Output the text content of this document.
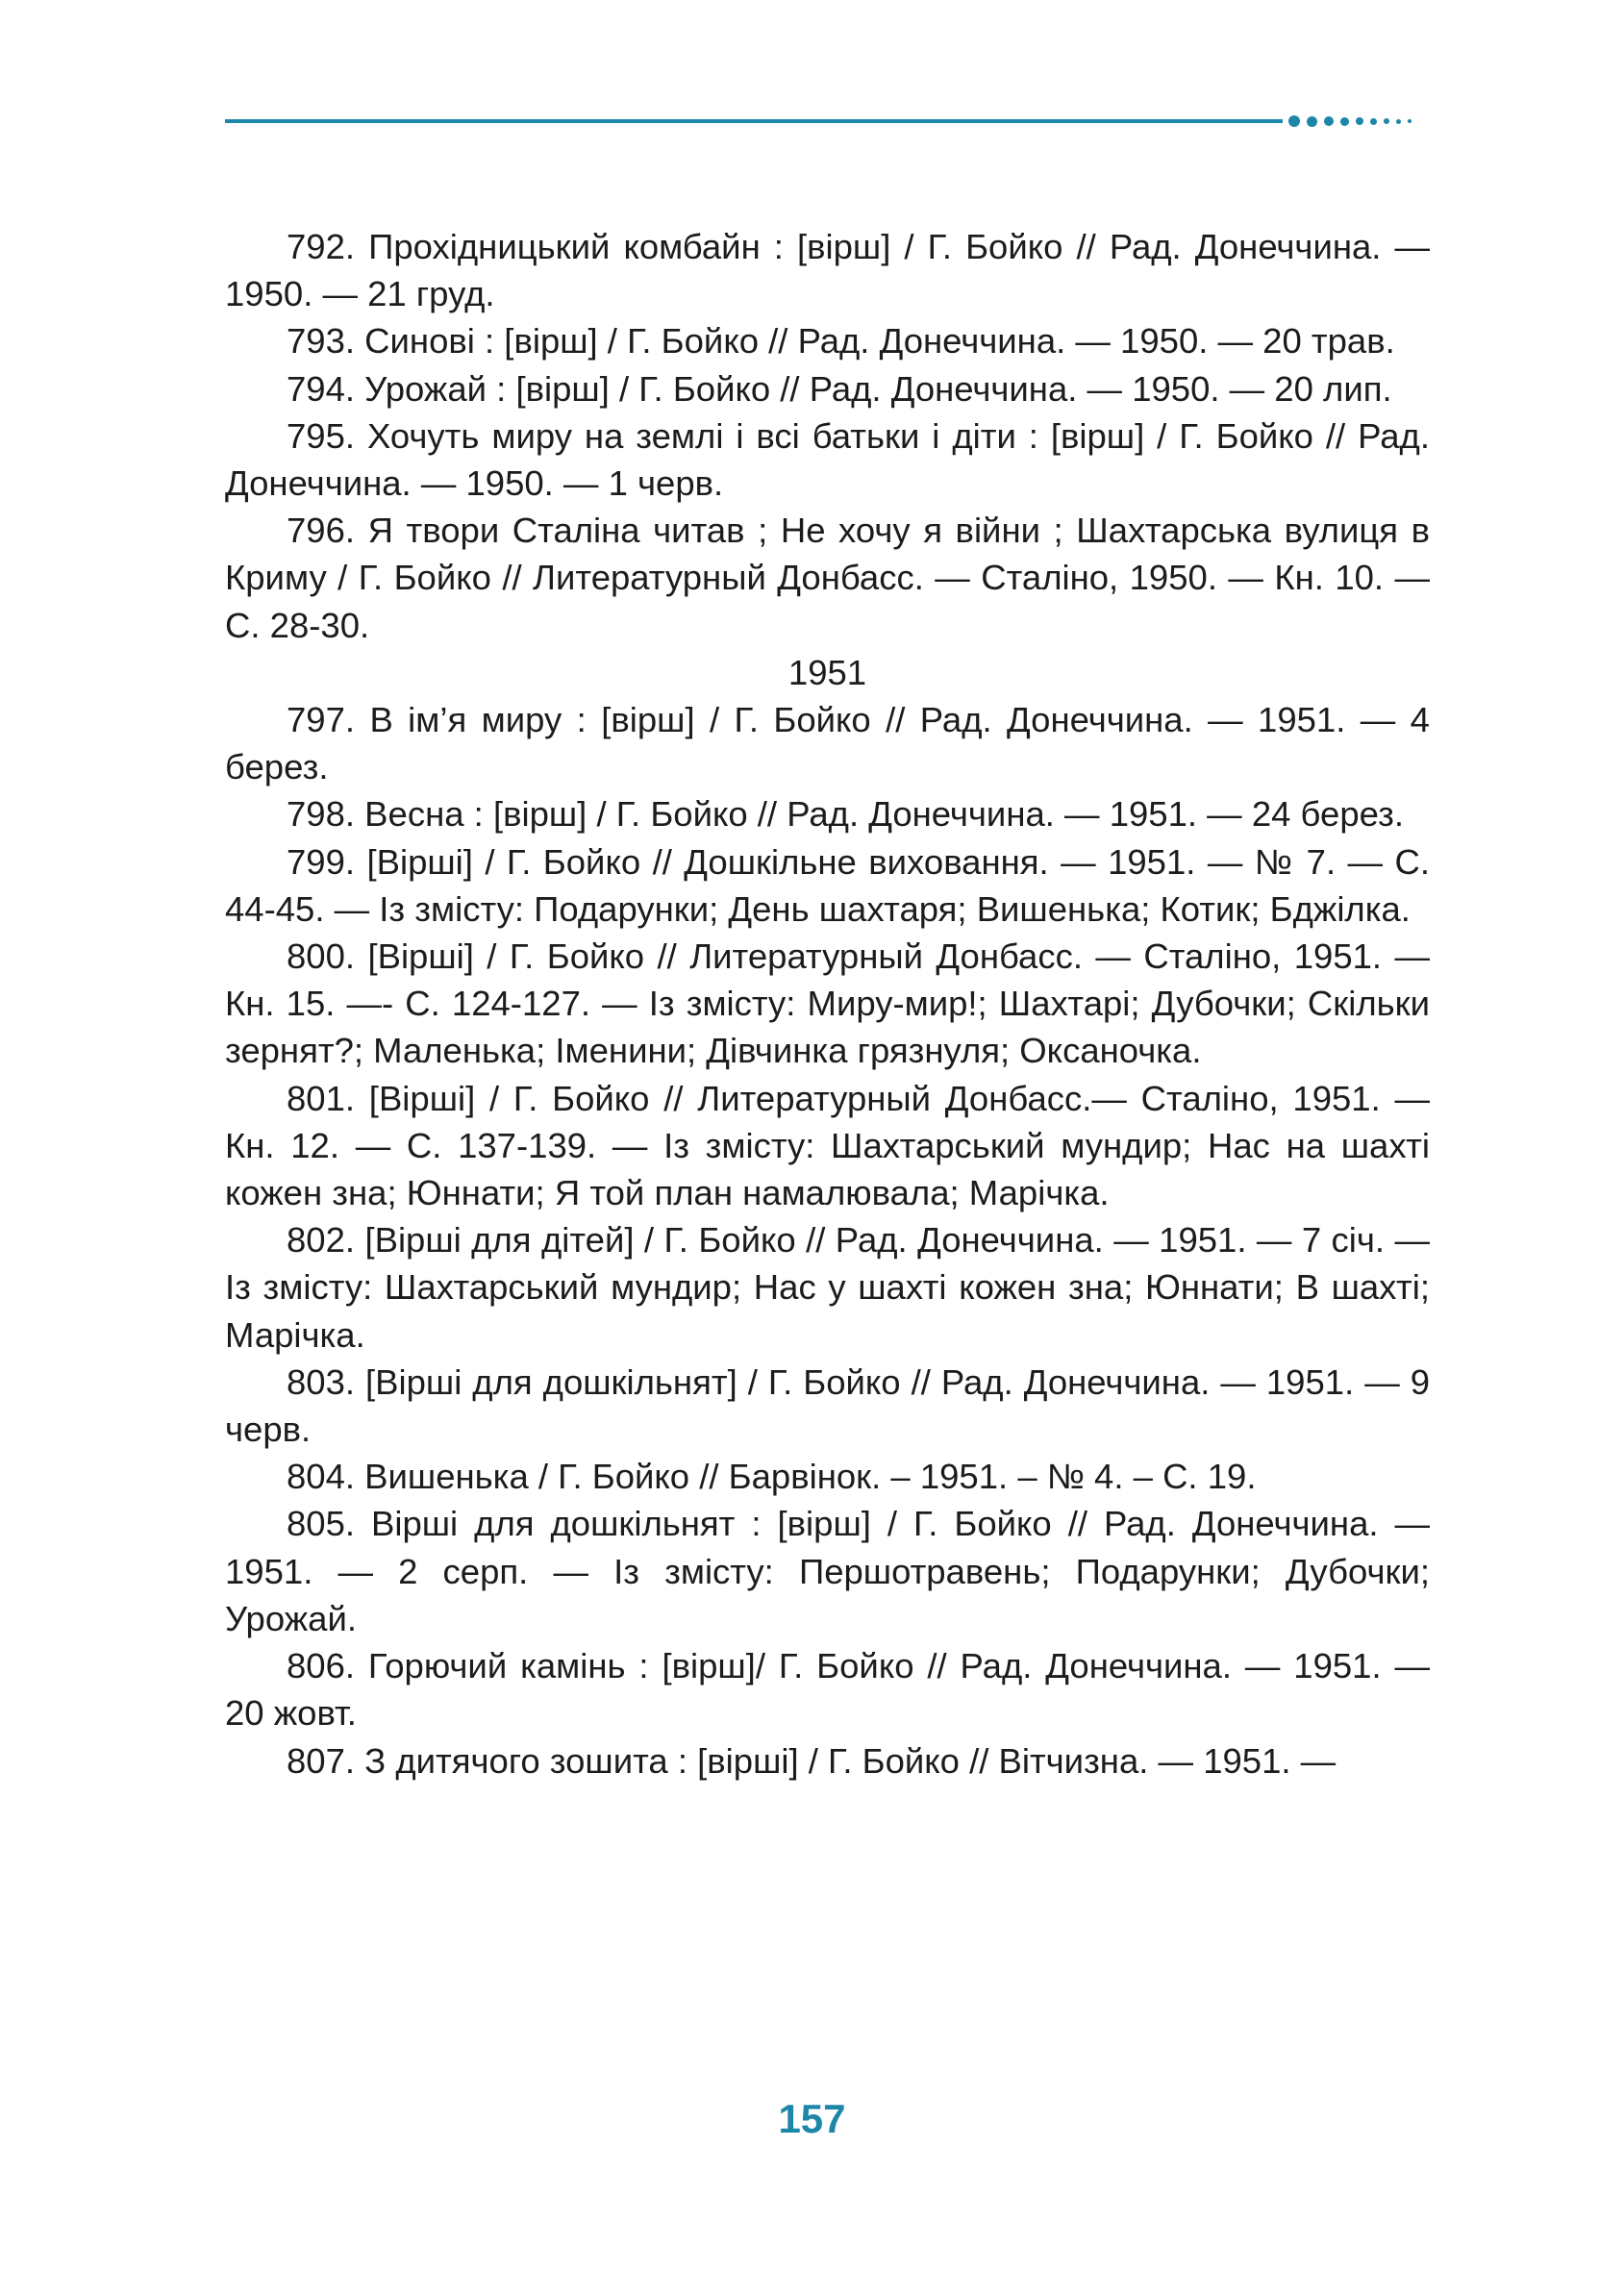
792. Прохідницький комбайн : [вірш] / Г. Бойко // Рад. Донеччина. — 1950. — 21 груд.

793. Синові : [вірш] / Г. Бойко // Рад. Донеччина. — 1950. — 20 трав.

794. Урожай : [вірш] / Г. Бойко // Рад. Донеччина. — 1950. — 20 лип.

795. Хочуть миру на землі і всі батьки і діти : [вірш] / Г. Бойко // Рад. Донеччина. — 1950. — 1 черв.

796. Я твори Сталіна читав ; Не хочу я війни ; Шахтарська вулиця в Криму / Г. Бойко // Литературный Донбасс. — Сталіно, 1950. — Кн. 10. — С. 28-30.

1951

797. В ім’я миру : [вірш] / Г. Бойко // Рад. Донеччина. — 1951. — 4 берез.

798. Весна : [вірш] / Г. Бойко // Рад. Донеччина. — 1951. — 24 берез.

799. [Вірші] / Г. Бойко // Дошкільне виховання. — 1951. — № 7. — С. 44-45. — Із змісту: Подарунки; День шахтаря; Вишенька; Котик; Бджілка.

800. [Вірші] / Г. Бойко // Литературный Донбасс. — Сталіно, 1951. — Кн. 15. —- С. 124-127. — Із змісту: Миру-мир!; Шахтарі; Дубочки; Скільки зернят?; Маленька; Іменини; Дівчинка грязнуля; Оксаночка.

801. [Вірші] / Г. Бойко // Литературный Донбасс.— Сталіно, 1951. — Кн. 12. — С. 137-139. — Із змісту: Шахтарський мундир; Нас на шахті кожен зна; Юннати; Я той план намалювала; Марічка.

802. [Вірші для дітей] / Г. Бойко // Рад. Донеччина. — 1951. — 7 січ. — Із змісту: Шахтарський мундир; Нас у шахті кожен зна; Юннати; В шахті; Марічка.

803. [Вірші для дошкільнят] / Г. Бойко // Рад. Донеччина. — 1951. — 9 черв.

804. Вишенька / Г. Бойко // Барвінок. – 1951. – № 4. – С. 19.

805. Вірші для дошкільнят : [вірш] / Г. Бойко // Рад. Донеччина. — 1951. — 2 серп. — Із змісту: Першотравень; Подарунки; Дубочки; Урожай.

806. Горючий камінь : [вірш]/ Г. Бойко // Рад. Донеччина. — 1951. — 20 жовт.

807. З дитячого зошита : [вірші] / Г. Бойко // Вітчизна. — 1951. —

157
